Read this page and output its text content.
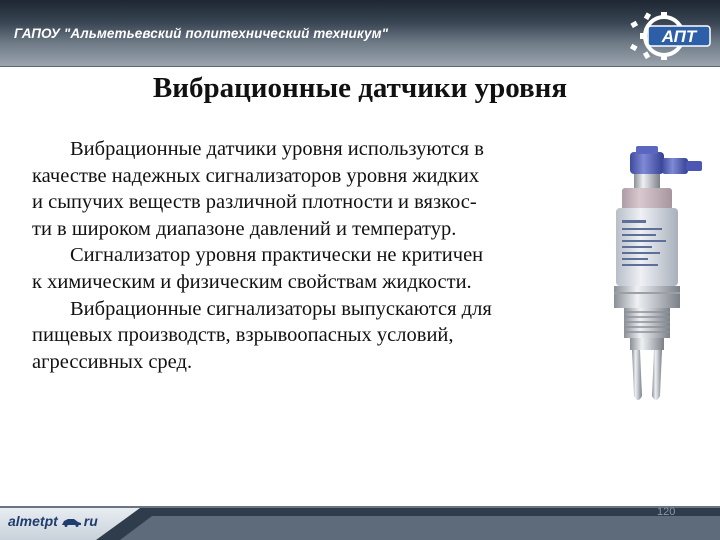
ГАПОУ "Альметьевский политехнический техникум"	АПТ
Вибрационные датчики уровня
Вибрационные датчики уровня используются в
качестве надежных сигнализаторов уровня жидких
и сыпучих веществ различной плотности и вязкос-
ти в широком диапазоне давлений и температур.
Сигнализатор уровня практически не критичен
к химическим и физическим свойствам жидкости.
Вибрационные сигнализаторы выпускаются для
пищевых производств, взрывоопасных условий,
агрессивных сред.
almetpt ru
120
